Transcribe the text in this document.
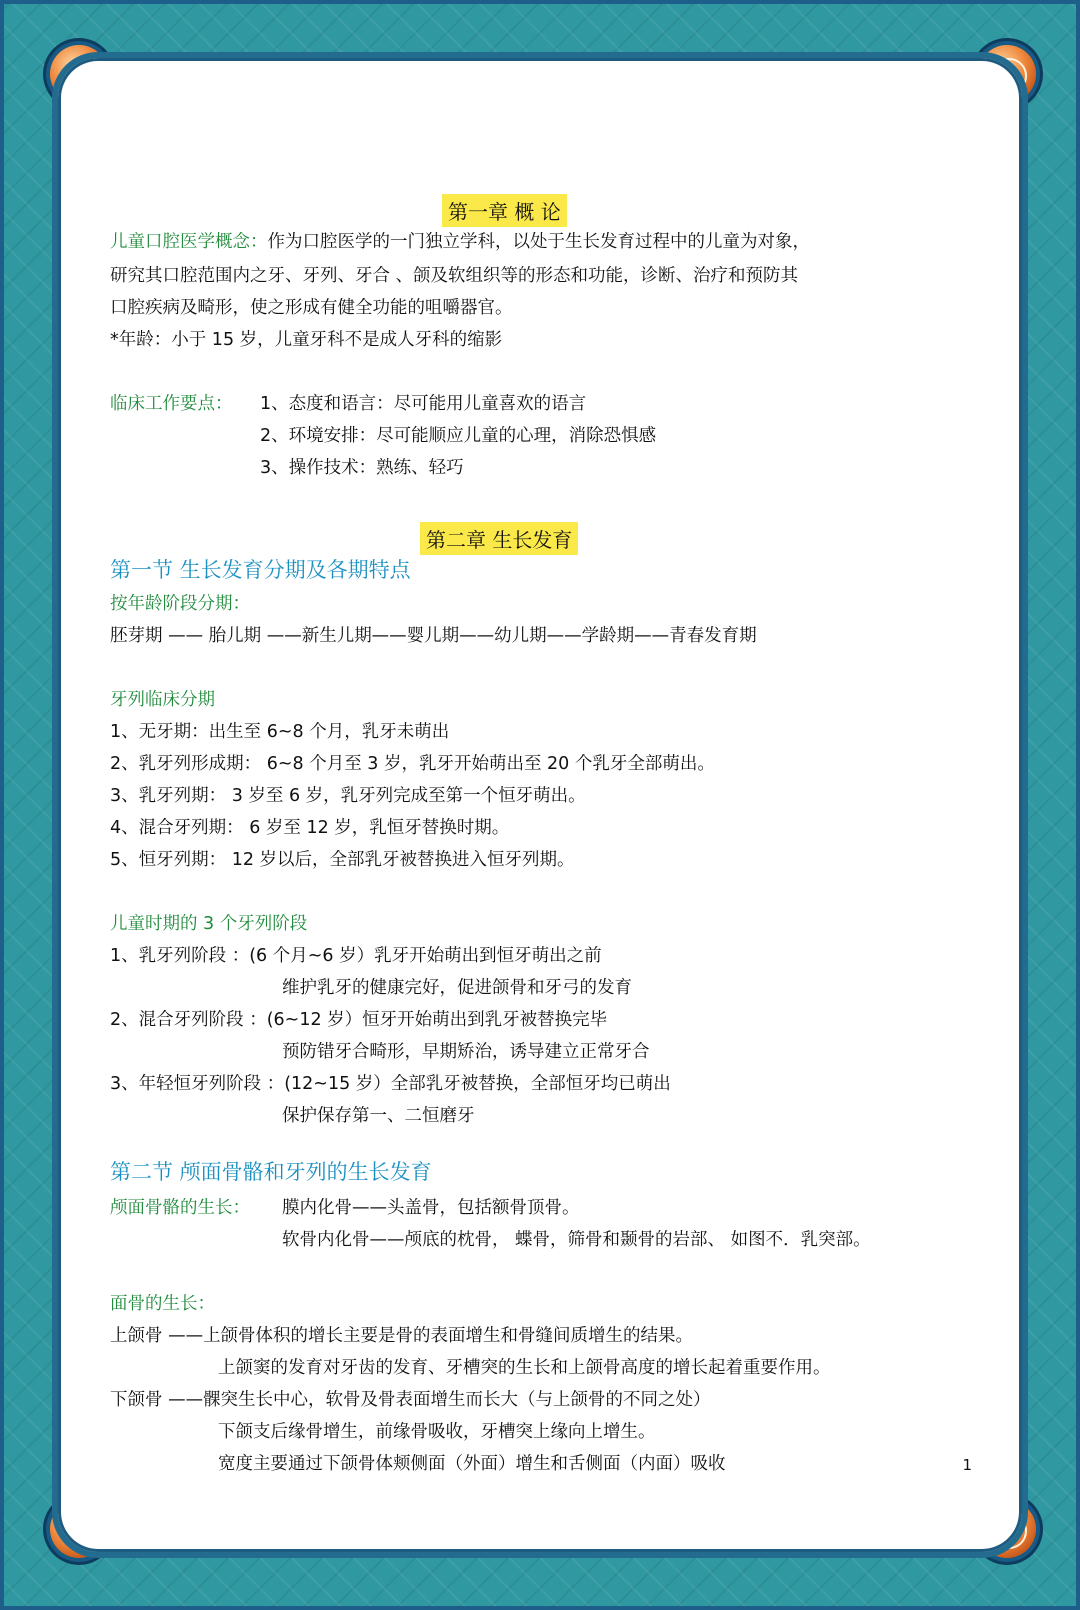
第一章 概 论
儿童口腔医学概念：作为口腔医学的一门独立学科，以处于生长发育过程中的儿童为对象，
研究其口腔范围内之牙、牙列、牙合 、颌及软组织等的形态和功能，诊断、治疗和预防其
口腔疾病及畸形，使之形成有健全功能的咀嚼器官。
*年龄：小于 15 岁，儿童牙科不是成人牙科的缩影
临床工作要点： 1、态度和语言：尽可能用儿童喜欢的语言
2、环境安排：尽可能顺应儿童的心理，消除恐惧感
3、操作技术：熟练、轻巧
第二章 生长发育
第一节 生长发育分期及各期特点
按年龄阶段分期：
胚芽期 —— 胎儿期 ——新生儿期——婴儿期——幼儿期——学龄期——青春发育期
牙列临床分期
1、无牙期：出生至 6~8 个月，乳牙未萌出
2、乳牙列形成期： 6~8 个月至 3 岁，乳牙开始萌出至 20 个乳牙全部萌出。
3、乳牙列期： 3 岁至 6 岁，乳牙列完成至第一个恒牙萌出。
4、混合牙列期： 6 岁至 12 岁，乳恒牙替换时期。
5、恒牙列期： 12 岁以后，全部乳牙被替换进入恒牙列期。
儿童时期的 3 个牙列阶段
1、乳牙列阶段 ：(6 个月~6 岁）乳牙开始萌出到恒牙萌出之前
维护乳牙的健康完好，促进颌骨和牙弓的发育
2、混合牙列阶段 ：(6~12 岁）恒牙开始萌出到乳牙被替换完毕
预防错牙合畸形，早期矫治，诱导建立正常牙合
3、年轻恒牙列阶段 ：(12~15 岁）全部乳牙被替换，全部恒牙均已萌出
保护保存第一、二恒磨牙
第二节 颅面骨骼和牙列的生长发育
颅面骨骼的生长： 膜内化骨——头盖骨，包括额骨顶骨。
软骨内化骨——颅底的枕骨， 蝶骨，筛骨和颞骨的岩部、 如图不．乳突部。
面骨的生长：
上颌骨 ——上颌骨体积的增长主要是骨的表面增生和骨缝间质增生的结果。
上颌窦的发育对牙齿的发育、牙槽突的生长和上颌骨高度的增长起着重要作用。
下颌骨 ——髁突生长中心，软骨及骨表面增生而长大（与上颌骨的不同之处）
下颌支后缘骨增生，前缘骨吸收，牙槽突上缘向上增生。
宽度主要通过下颌骨体颊侧面（外面）增生和舌侧面（内面）吸收	1
